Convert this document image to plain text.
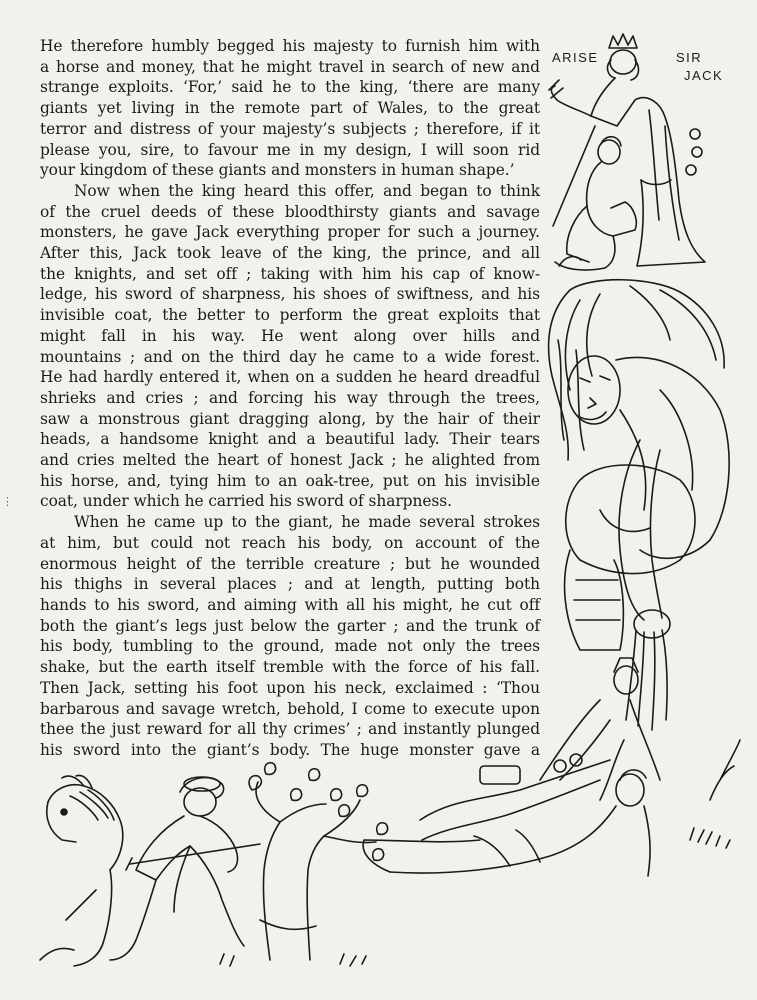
He therefore humbly begged his majesty to furnish him with
a horse and money, that he might travel in search of new and
strange exploits. ‘For,’ said he to the king, ‘there are many
giants yet living in the remote part of Wales, to the great
terror and distress of your majesty’s subjects ; therefore, if it
please you, sire, to favour me in my design, I will soon rid
your kingdom of these giants and monsters in human shape.’
Now when the king heard this offer, and began to think
of the cruel deeds of these bloodthirsty giants and savage
monsters, he gave Jack everything proper for such a journey.
After this, Jack took leave of the king, the prince, and all
the knights, and set off ; taking with him his cap of know-
ledge, his sword of sharpness, his shoes of swiftness, and his
invisible coat, the better to perform the great exploits that
might fall in his way. He went along over hills and
mountains ; and on the third day he came to a wide forest.
He had hardly entered it, when on a sudden he heard dreadful
shrieks and cries ; and forcing his way through the trees,
saw a monstrous giant dragging along, by the hair of their
heads, a handsome knight and a beautiful lady. Their tears
and cries melted the heart of honest Jack ; he alighted from
his horse, and, tying him to an oak-tree, put on his invisible
coat, under which he carried his sword of sharpness.
When he came up to the giant, he made several strokes
at him, but could not reach his body, on account of the
enormous height of the terrible creature ; but he wounded
his thighs in several places ; and at length, putting both
hands to his sword, and aiming with all his might, he cut off
both the giant’s legs just below the garter ; and the trunk of
his body, tumbling to the ground, made not only the trees
shake, but the earth itself tremble with the force of his fall.
Then Jack, setting his foot upon his neck, exclaimed : ‘Thou
barbarous and savage wretch, behold, I come to execute upon
thee the just reward for all thy crimes’ ; and instantly plunged
his sword into the giant’s body. The huge monster gave a
⋮
ARISE	SIR
JACK
